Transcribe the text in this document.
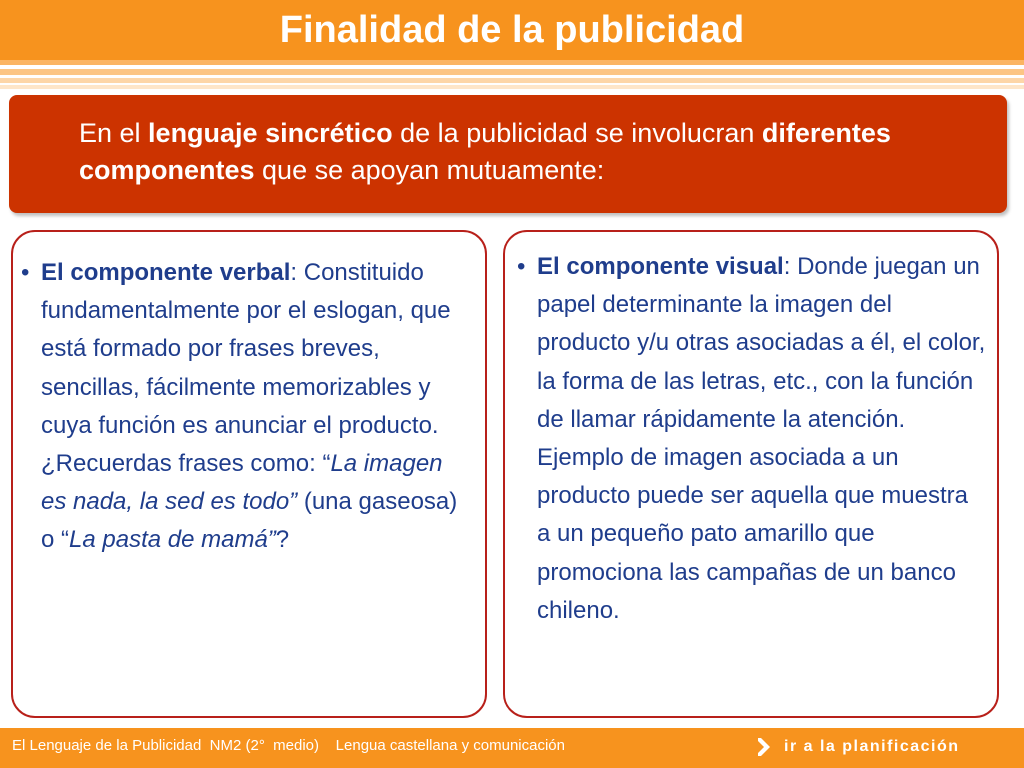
Finalidad de la publicidad
En el lenguaje sincrético de la publicidad se involucran diferentes componentes que se apoyan mutuamente:
• El componente verbal: Constituido fundamentalmente por el eslogan, que está formado por frases breves, sencillas, fácilmente memorizables y cuya función es anunciar el producto. ¿Recuerdas frases como: “La imagen es nada, la sed es todo” (una gaseosa) o “La pasta de mamá”?
• El componente visual: Donde juegan un papel determinante la imagen del producto y/u otras asociadas a él, el color, la forma de las letras, etc., con la función de llamar rápidamente la atención. Ejemplo de imagen asociada a un producto puede ser aquella que muestra a un pequeño pato amarillo que promociona las campañas de un banco chileno.
El Lenguaje de la Publicidad  NM2 (2°  medio)    Lengua castellana y comunicación	ir a la planificación
